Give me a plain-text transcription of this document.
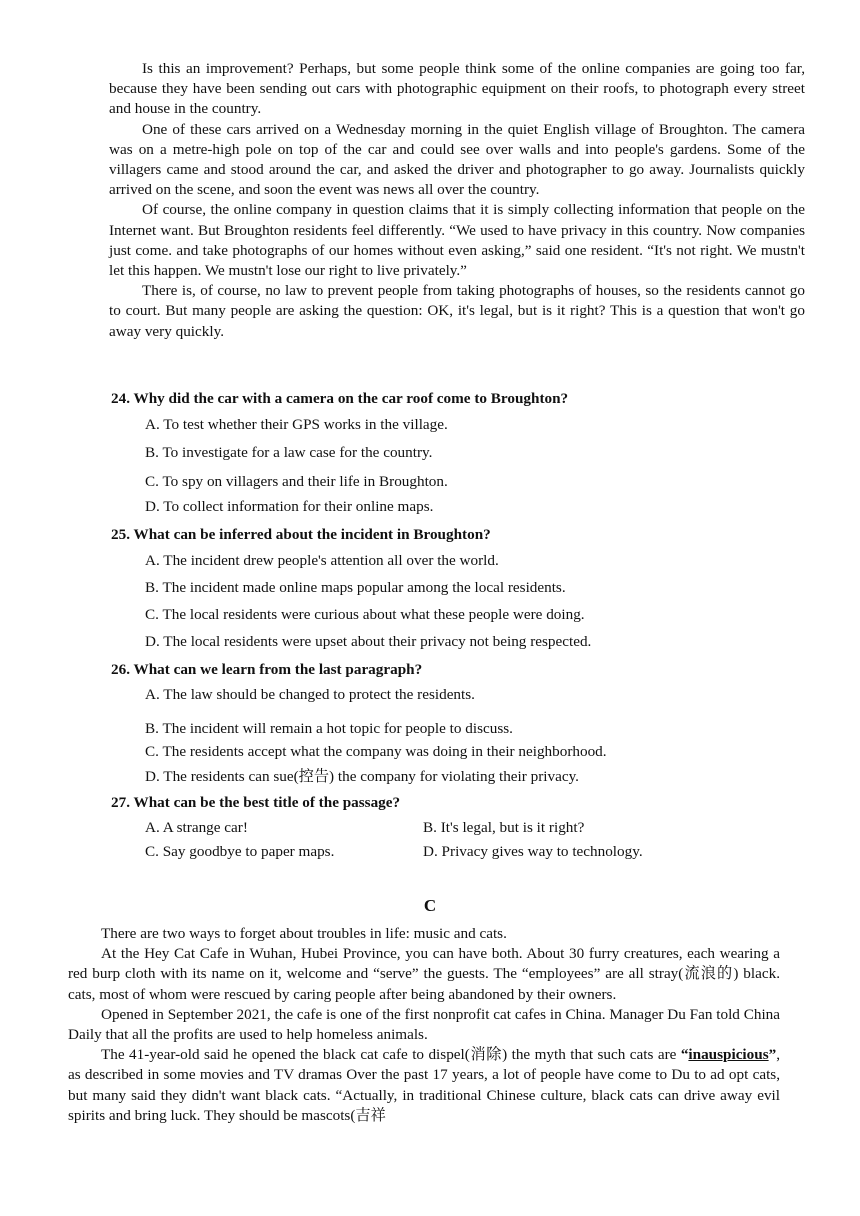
Is this an improvement? Perhaps, but some people think some of the online companies are going too far, because they have been sending out cars with photographic equipment on their roofs, to photograph every street and house in the country.

One of these cars arrived on a Wednesday morning in the quiet English village of Broughton. The camera was on a metre-high pole on top of the car and could see over walls and into people's gardens. Some of the villagers came and stood around the car, and asked the driver and photographer to go away. Journalists quickly arrived on the scene, and soon the event was news all over the country.

Of course, the online company in question claims that it is simply collecting information that people on the Internet want. But Broughton residents feel differently. “We used to have privacy in this country. Now companies just come. and take photographs of our homes without even asking,” said one resident. “It's not right. We mustn't let this happen. We mustn't lose our right to live privately.”

There is, of course, no law to prevent people from taking photographs of houses, so the residents cannot go to court. But many people are asking the question: OK, it's legal, but is it right? This is a question that won't go away very quickly.

24. Why did the car with a camera on the car roof come to Broughton?
A. To test whether their GPS works in the village.
B. To investigate for a law case for the country.
C. To spy on villagers and their life in Broughton.
D. To collect information for their online maps.
25. What can be inferred about the incident in Broughton?
A. The incident drew people's attention all over the world.
B. The incident made online maps popular among the local residents.
C. The local residents were curious about what these people were doing.
D. The local residents were upset about their privacy not being respected.
26. What can we learn from the last paragraph?
A. The law should be changed to protect the residents.
B. The incident will remain a hot topic for people to discuss.
C. The residents accept what the company was doing in their neighborhood.
D. The residents can sue(控告) the company for violating their privacy.
27. What can be the best title of the passage?
A. A strange car!	B. It's legal, but is it right?
C. Say goodbye to paper maps.	D. Privacy gives way to technology.
C

There are two ways to forget about troubles in life: music and cats.

At the Hey Cat Cafe in Wuhan, Hubei Province, you can have both. About 30 furry creatures, each wearing a red burp cloth with its name on it, welcome and “serve” the guests. The “employees” are all stray(流浪的) black. cats, most of whom were rescued by caring people after being abandoned by their owners.

Opened in September 2021, the cafe is one of the first nonprofit cat cafes in China. Manager Du Fan told China Daily that all the profits are used to help homeless animals.

The 41-year-old said he opened the black cat cafe to dispel(消除) the myth that such cats are “inauspicious”, as described in some movies and TV dramas Over the past 17 years, a lot of people have come to Du to ad opt cats, but many said they didn't want black cats. “Actually, in traditional Chinese culture, black cats can drive away evil spirits and bring luck. They should be mascots(吉祥
